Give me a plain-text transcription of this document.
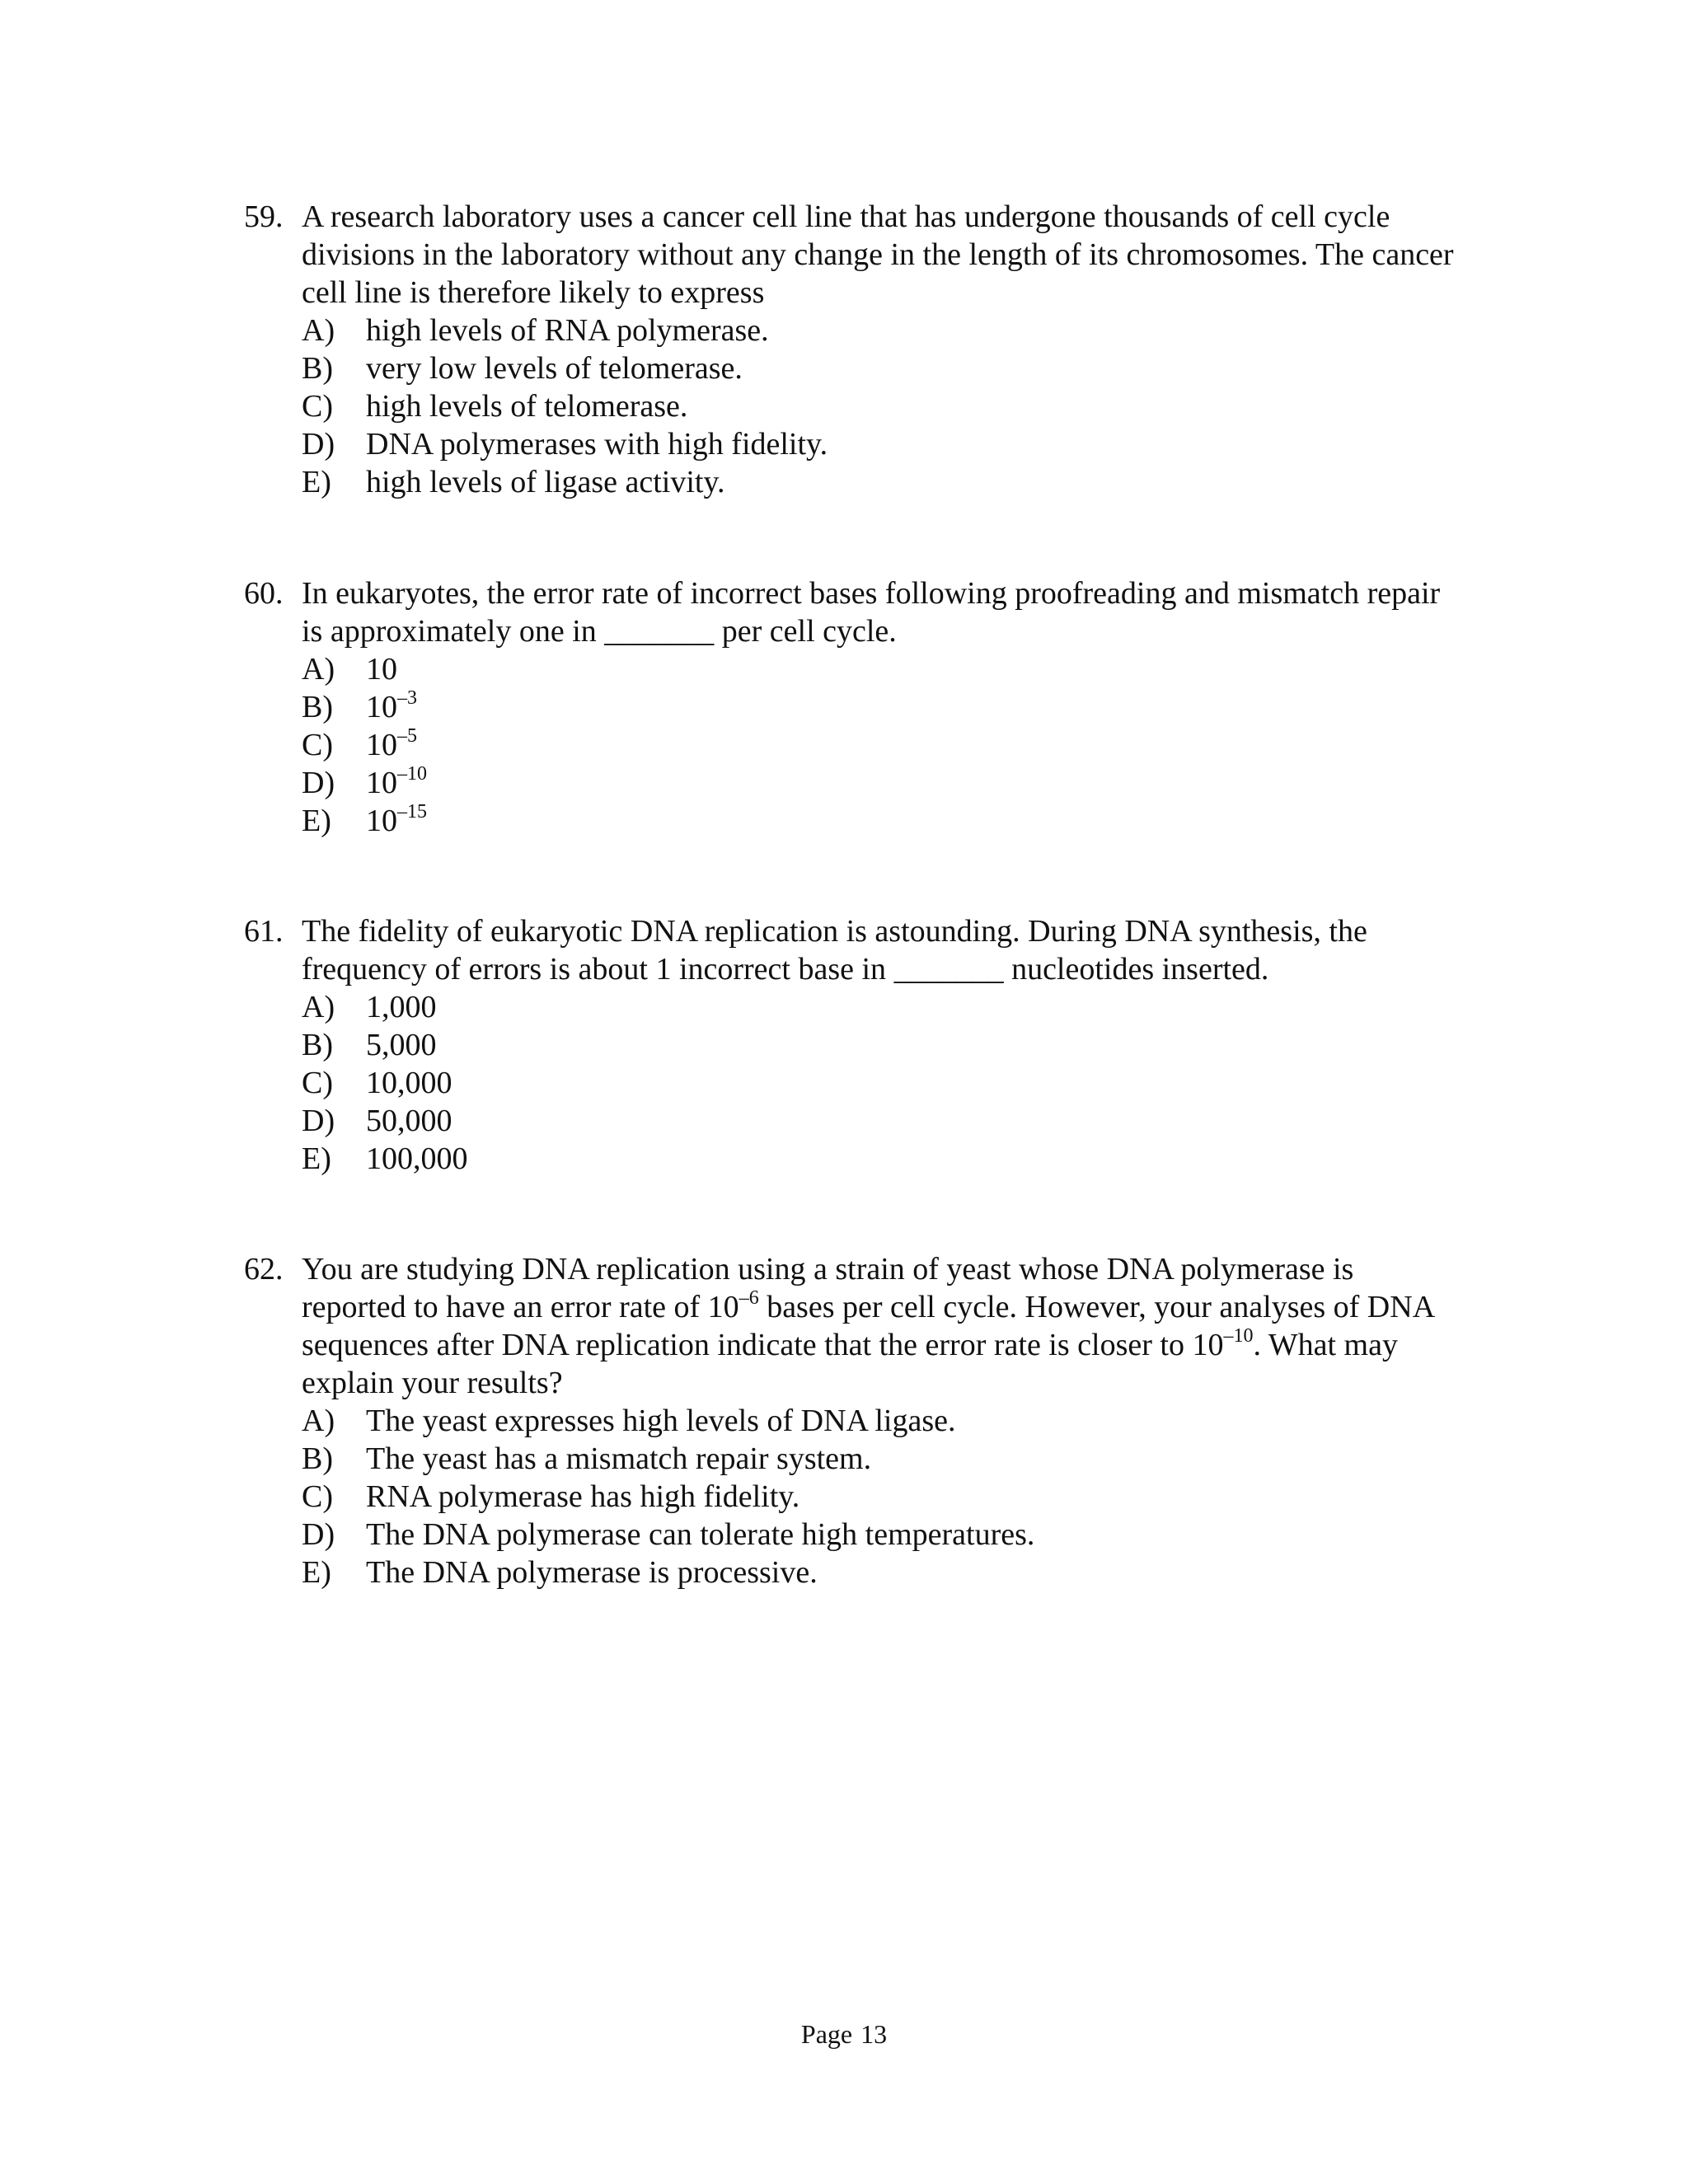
59. A research laboratory uses a cancer cell line that has undergone thousands of cell cycle divisions in the laboratory without any change in the length of its chromosomes. The cancer cell line is therefore likely to express
A) high levels of RNA polymerase.
B) very low levels of telomerase.
C) high levels of telomerase.
D) DNA polymerases with high fidelity.
E) high levels of ligase activity.
60. In eukaryotes, the error rate of incorrect bases following proofreading and mismatch repair is approximately one in _______ per cell cycle.
A) 10
B) $10^{-3}$
C) $10^{-5}$
D) $10^{-10}$
E) $10^{-15}$
61. The fidelity of eukaryotic DNA replication is astounding. During DNA synthesis, the frequency of errors is about 1 incorrect base in _______ nucleotides inserted.
A) 1,000
B) 5,000
C) 10,000
D) 50,000
E) 100,000
62. You are studying DNA replication using a strain of yeast whose DNA polymerase is reported to have an error rate of $10^{-6}$ bases per cell cycle. However, your analyses of DNA sequences after DNA replication indicate that the error rate is closer to $10^{-10}$. What may explain your results?
A) The yeast expresses high levels of DNA ligase.
B) The yeast has a mismatch repair system.
C) RNA polymerase has high fidelity.
D) The DNA polymerase can tolerate high temperatures.
E) The DNA polymerase is processive.
Page 13
